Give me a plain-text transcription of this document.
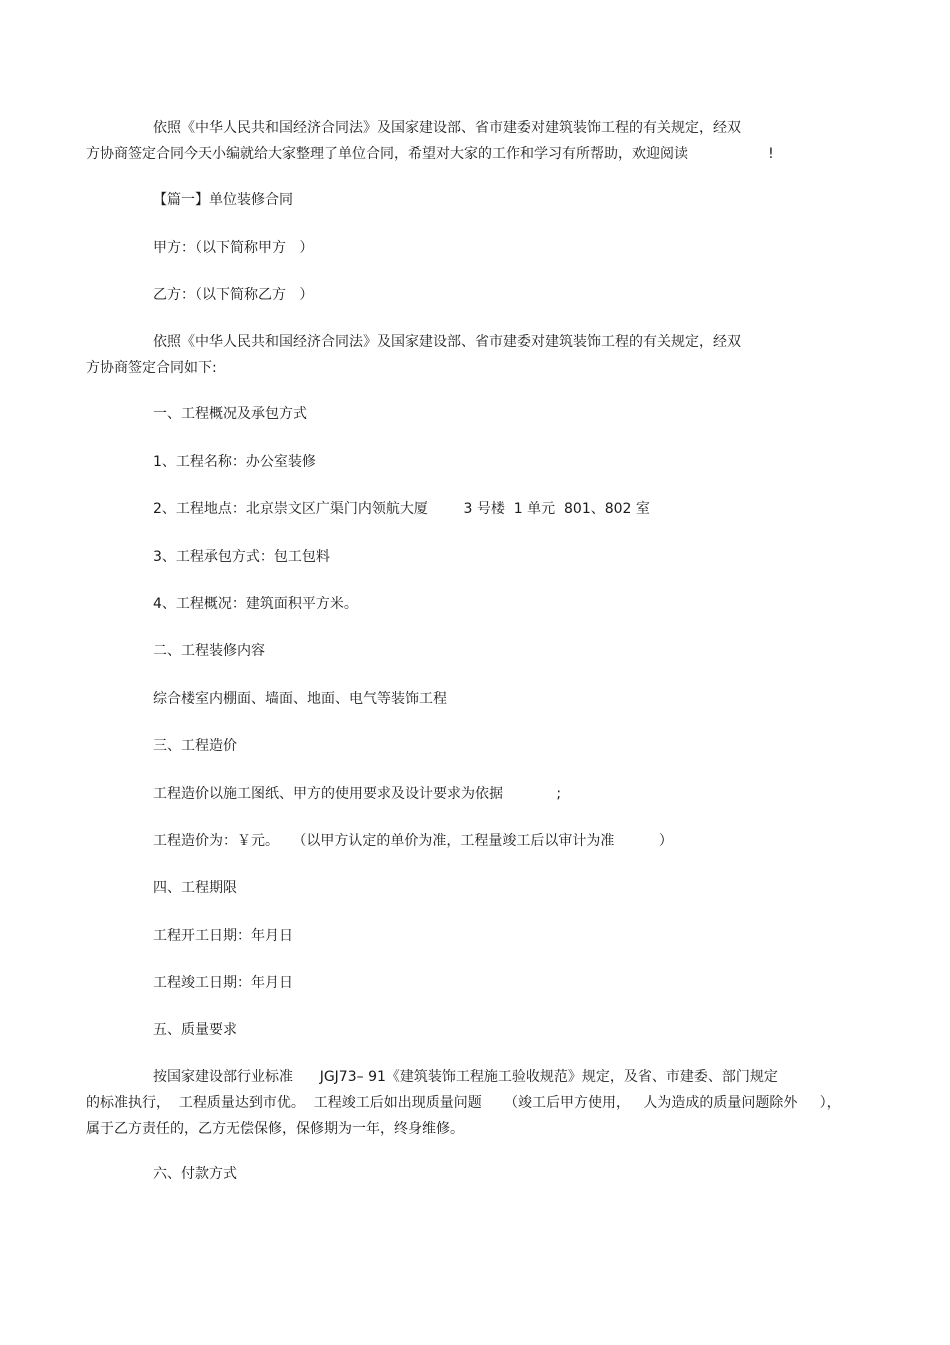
依照《中华人民共和国经济合同法》及国家建设部、省市建委对建筑装饰工程的有关规定，经双
方协商签定合同今天小编就给大家整理了单位合同，希望对大家的工作和学习有所帮助，欢迎阅读                  !
【篇一】单位装修合同
甲方：（以下简称甲方   ）
乙方：（以下简称乙方   ）
依照《中华人民共和国经济合同法》及国家建设部、省市建委对建筑装饰工程的有关规定，经双
方协商签定合同如下:
一、工程概况及承包方式
1、工程名称：办公室装修
2、工程地点：北京崇文区广渠门内领航大厦        3 号楼  1 单元  801、802 室
3、工程承包方式：包工包料
4、工程概况：建筑面积平方米。
二、工程装修内容
综合楼室内棚面、墙面、地面、电气等装饰工程
三、工程造价
工程造价以施工图纸、甲方的使用要求及设计要求为依据            ;
工程造价为：￥元。   （以甲方认定的单价为准，工程量竣工后以审计为准          ）
四、工程期限
工程开工日期：年月日
工程竣工日期：年月日
五、质量要求
按国家建设部行业标准      JGJ73– 91《建筑装饰工程施工验收规范》规定，及省、市建委、部门规定
的标准执行，  工程质量达到市优。  工程竣工后如出现质量问题     （竣工后甲方使用，   人为造成的质量问题除外     ），
属于乙方责任的，乙方无偿保修，保修期为一年，终身维修。
六、付款方式
